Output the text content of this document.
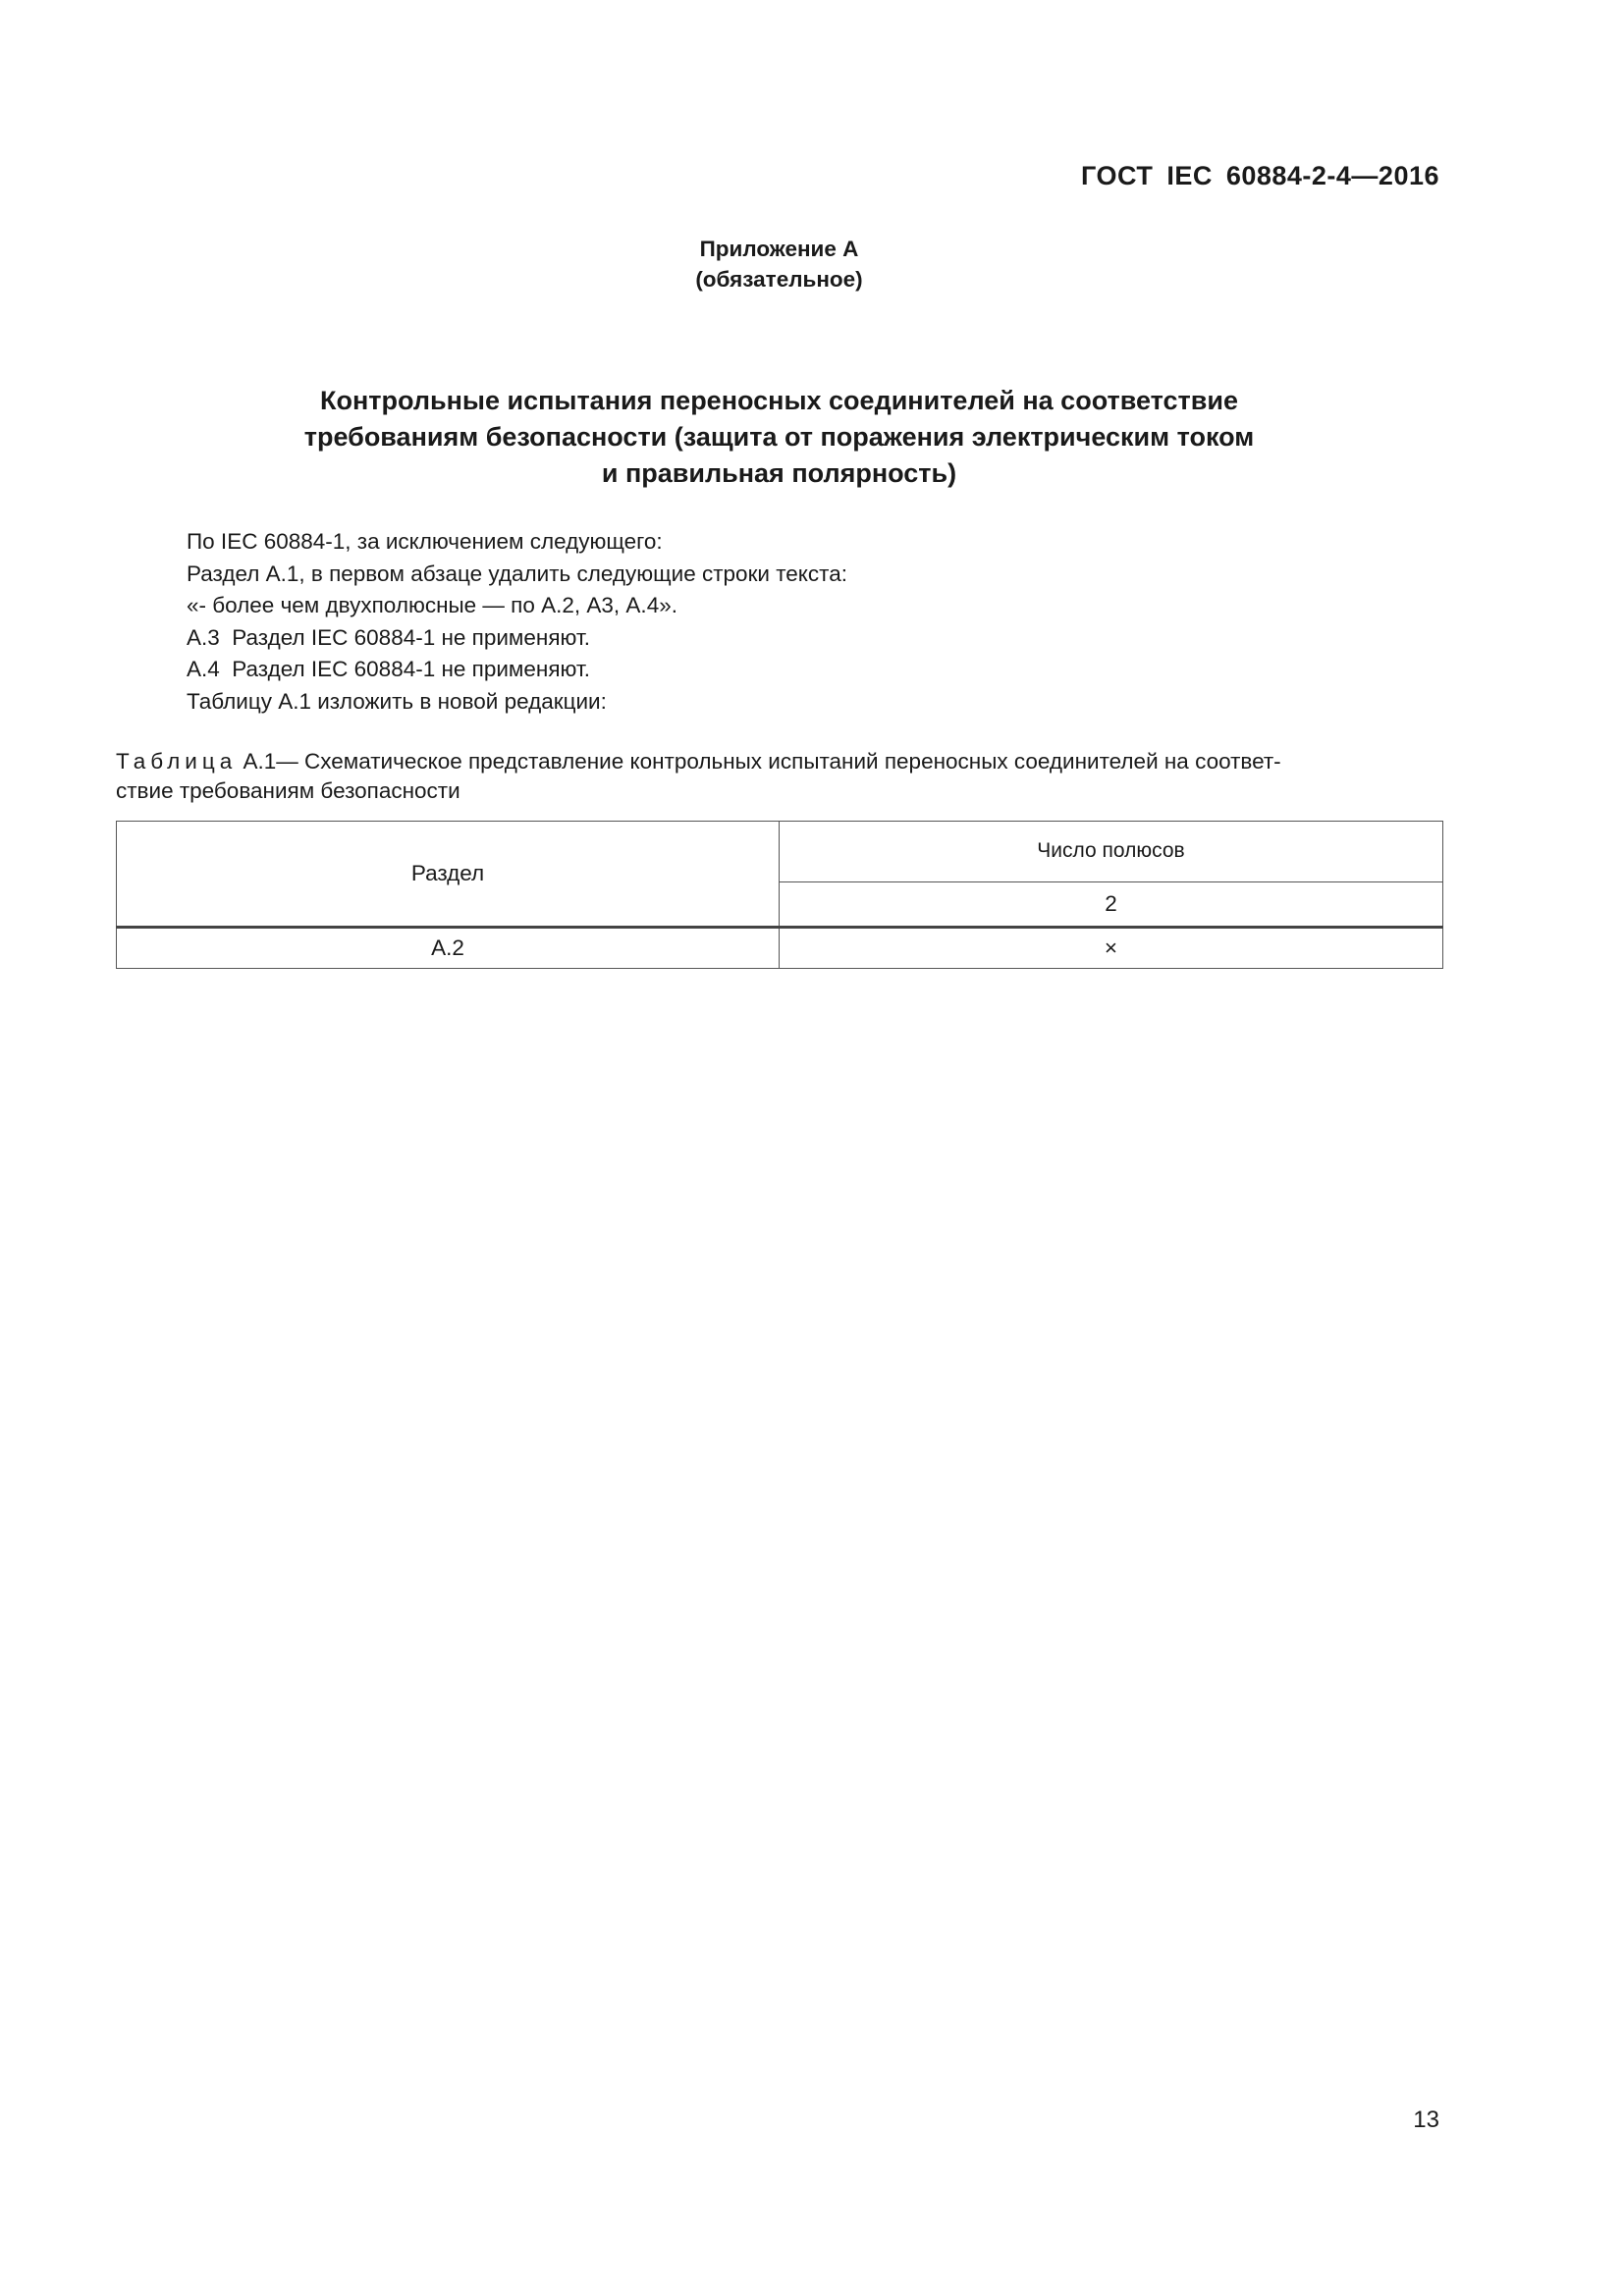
ГОСТ IEC 60884-2-4—2016
Приложение А
(обязательное)
Контрольные испытания переносных соединителей на соответствие
требованиям безопасности (защита от поражения электрическим током
и правильная полярность)
По IEC 60884-1, за исключением следующего:
Раздел А.1, в первом абзаце удалить следующие строки текста:
«- более чем двухполюсные — по А.2, А3, А.4».
А.3  Раздел IEC 60884-1 не применяют.
А.4  Раздел IEC 60884-1 не применяют.
Таблицу А.1 изложить в новой редакции:
Таблица А.1— Схематическое представление контрольных испытаний переносных соединителей на соответ-
ствие требованиям безопасности
Раздел	Число полюсов
	2
А.2	×
13
